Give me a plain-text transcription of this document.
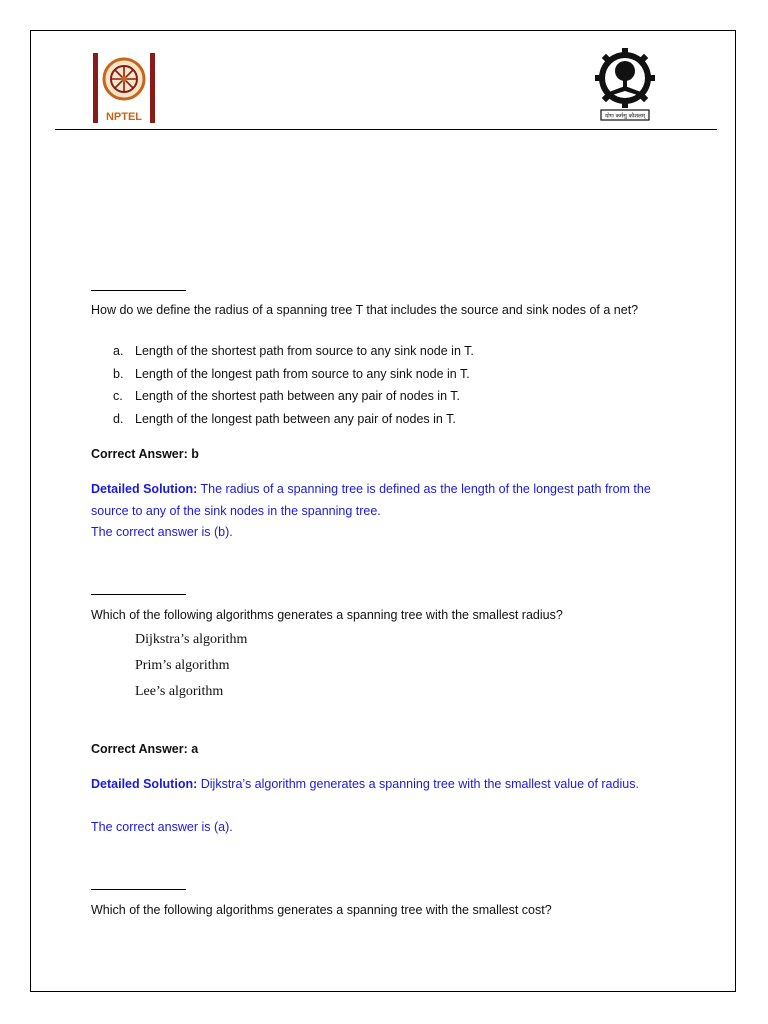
NPTEL	योगः कर्मसु कौशलम्
How do we define the radius of a spanning tree T that includes the source and sink nodes of a net?
a. Length of the shortest path from source to any sink node in T.
b. Length of the longest path from source to any sink node in T.
c. Length of the shortest path between any pair of nodes in T.
d. Length of the longest path between any pair of nodes in T.
Correct Answer: b
Detailed Solution: The radius of a spanning tree is defined as the length of the longest path from the source to any of the sink nodes in the spanning tree.
The correct answer is (b).
Which of the following algorithms generates a spanning tree with the smallest radius?
Dijkstra’s algorithm
Prim’s algorithm
Lee’s algorithm
Correct Answer: a
Detailed Solution: Dijkstra’s algorithm generates a spanning tree with the smallest value of radius.
The correct answer is (a).
Which of the following algorithms generates a spanning tree with the smallest cost?
